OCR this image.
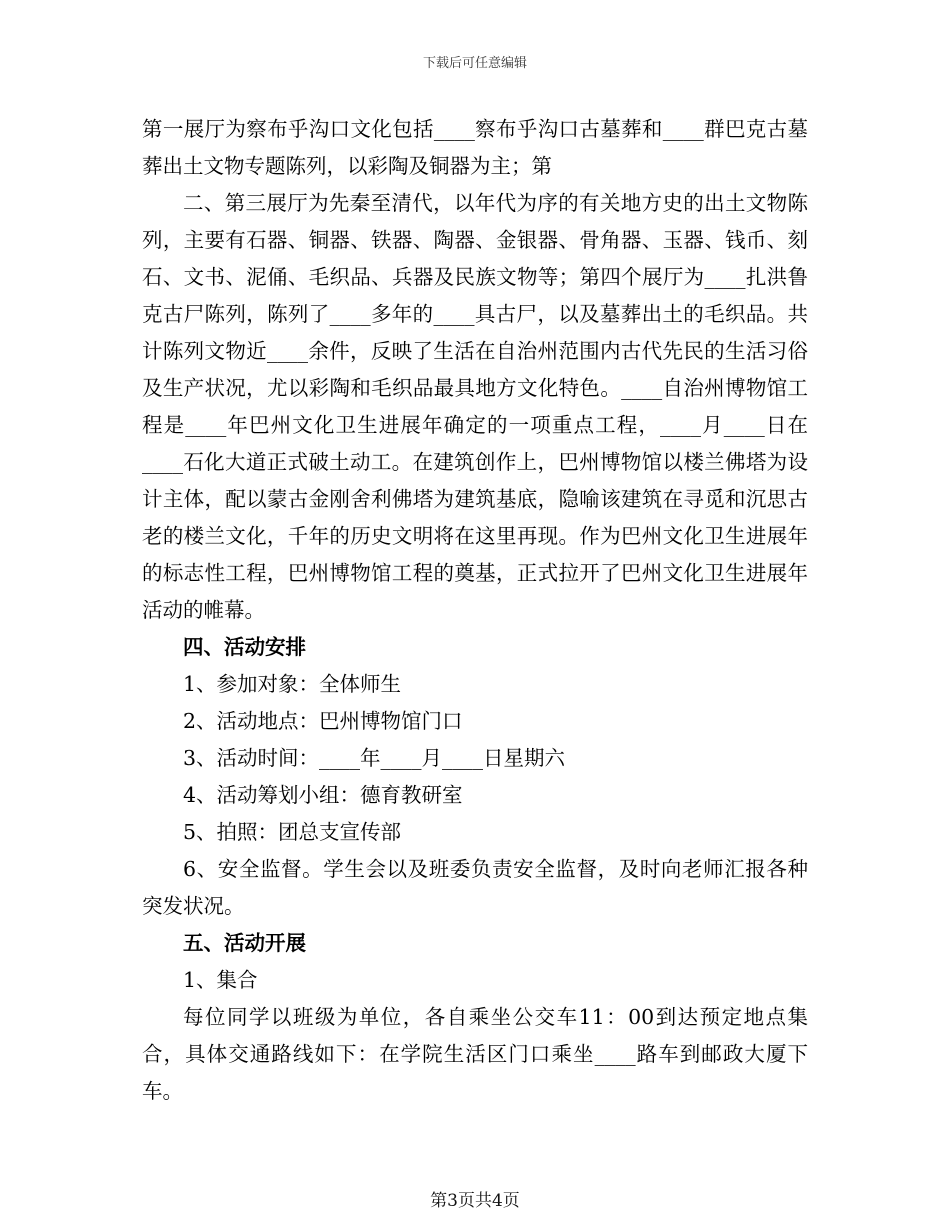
下载后可任意编辑

第一展厅为察布乎沟口文化包括____察布乎沟口古墓葬和____群巴克古墓葬出土文物专题陈列，以彩陶及铜器为主；第

二、第三展厅为先秦至清代，以年代为序的有关地方史的出土文物陈列，主要有石器、铜器、铁器、陶器、金银器、骨角器、玉器、钱币、刻石、文书、泥俑、毛织品、兵器及民族文物等；第四个展厅为____扎洪鲁克古尸陈列，陈列了____多年的____具古尸，以及墓葬出土的毛织品。共计陈列文物近____余件，反映了生活在自治州范围内古代先民的生活习俗及生产状况，尤以彩陶和毛织品最具地方文化特色。____自治州博物馆工程是____年巴州文化卫生进展年确定的一项重点工程，____月____日在____石化大道正式破土动工。在建筑创作上，巴州博物馆以楼兰佛塔为设计主体，配以蒙古金刚舍利佛塔为建筑基底，隐喻该建筑在寻觅和沉思古老的楼兰文化，千年的历史文明将在这里再现。作为巴州文化卫生进展年的标志性工程，巴州博物馆工程的奠基，正式拉开了巴州文化卫生进展年活动的帷幕。

四、活动安排

1、参加对象：全体师生

2、活动地点：巴州博物馆门口

3、活动时间：____年____月____日星期六

4、活动筹划小组：德育教研室

5、拍照：团总支宣传部

6、安全监督。学生会以及班委负责安全监督，及时向老师汇报各种突发状况。

五、活动开展

1、集合

每位同学以班级为单位，各自乘坐公交车11：00到达预定地点集合，具体交通路线如下：在学院生活区门口乘坐____路车到邮政大厦下车。

第3页共4页
